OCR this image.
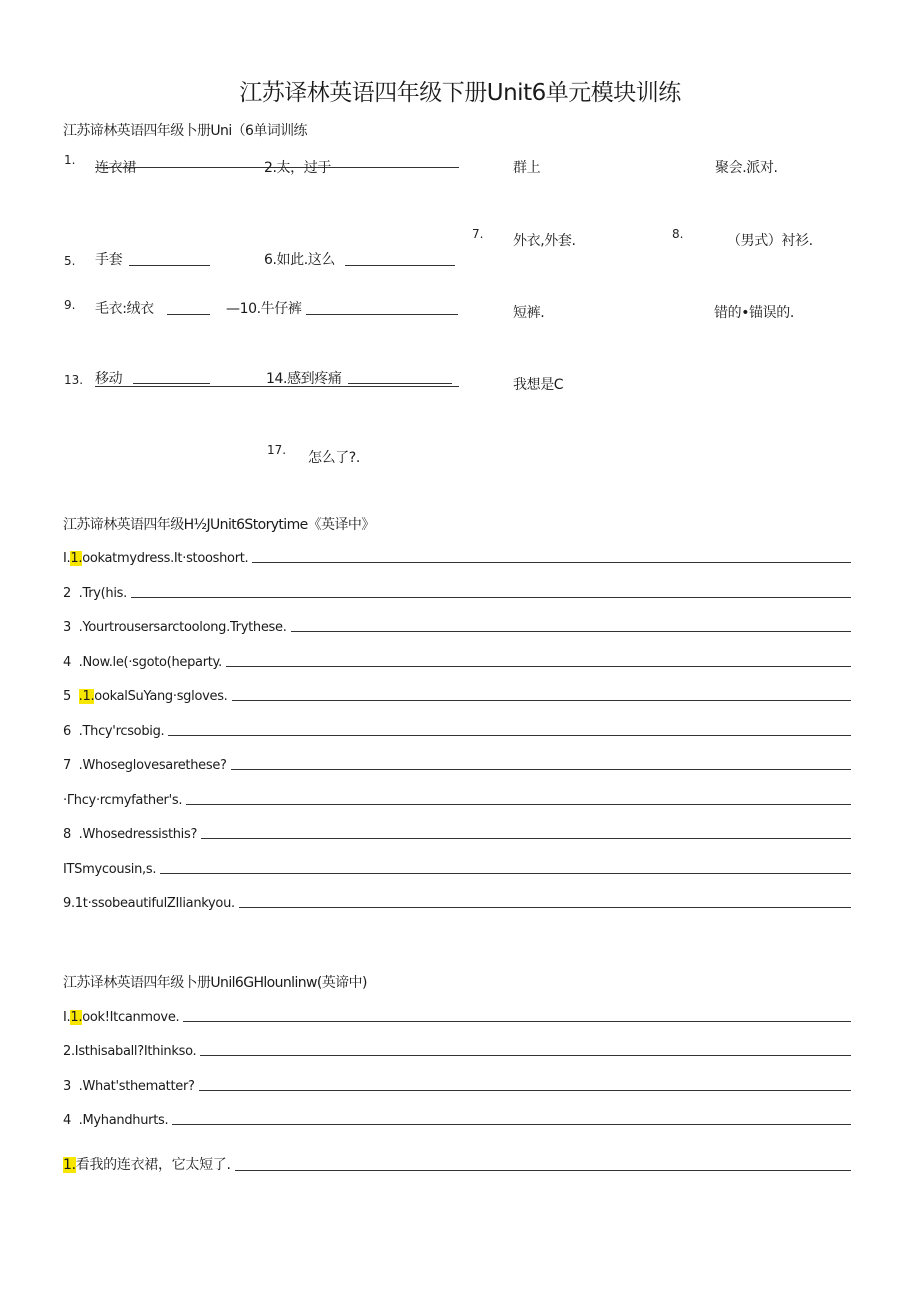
江苏译林英语四年级下册Unit6单元模块训练
江苏谛林英语四年级卜册Uni（6单词训练
1. 连衣裙	2.太，过于	群上	聚会.派对.
7. 外衣,外套.	8.	（男式）衬衫.
5. 手套	6.如此.这么
9. 毛衣:绒衣	—10.牛仔裤	短裤.	错的•锚误的.
13. 移动	14.感到疼痛	我想是C
17. 怎么了?.
江苏谛林英语四年级H½JUnit6Storytime《英译中》
I.1.ookatmydress.It·stooshort.
2 .Try(his.
3 .Yourtrousersarctoolong.Trythese.
4 .Now.le(·sgoto(heparty.
5 .1.ookalSuYang·sgloves.
6 .Thcy'rcsobig.
7 .Whoseglovesarethese?
·Γhcy·rcmyfather's.
8 .Whosedressisthis?
ITSmycousin,s.
9.1t·ssobeautifulZIliankyou.
江苏译林英语四年级卜册Unil6GHlounlinw(英谛中)
I.1.ook!Itcanmove.
2.Isthisaball?Ithinkso.
3 .What'sthematter?
4 .Myhandhurts.
1.看我的连衣裙，它太短了.
